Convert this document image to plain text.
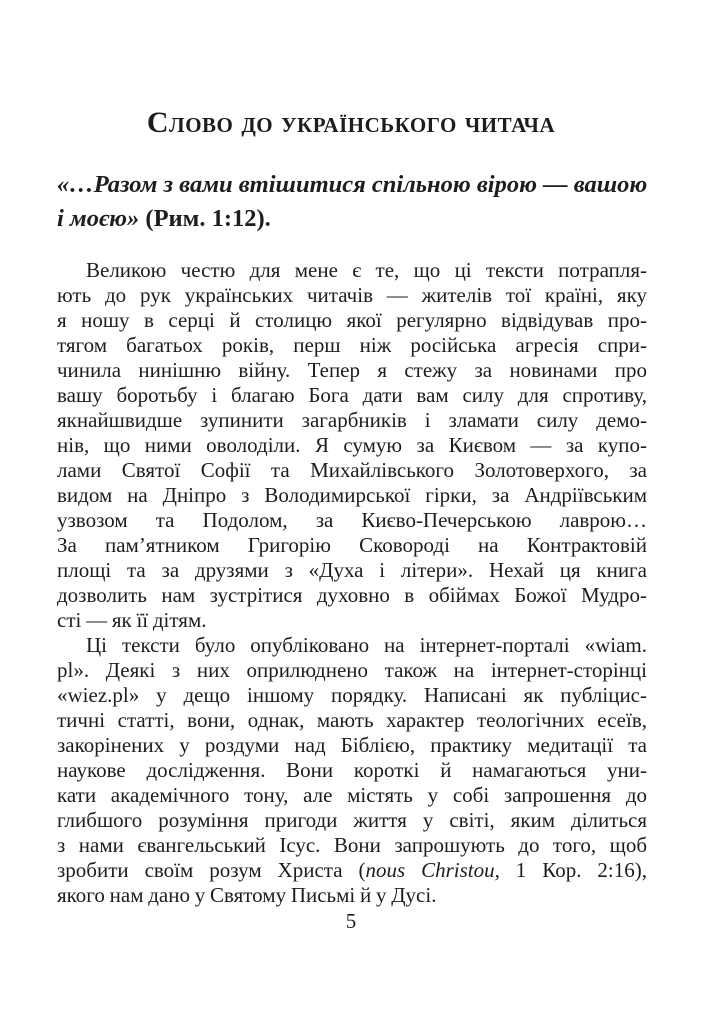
Слово до українського читача
«…Разом з вами втішитися спільною вірою — вашою
і моєю» (Рим. 1:12).
Великою честю для мене є те, що ці тексти потрапля-
ють до рук українських читачів — жителів тої країні, яку
я ношу в серці й столицю якої регулярно відвідував про-
тягом багатьох років, перш ніж російська агресія спри-
чинила нинішню війну. Тепер я стежу за новинами про
вашу боротьбу і благаю Бога дати вам силу для спротиву,
якнайшвидше зупинити загарбників і зламати силу демо-
нів, що ними оволоділи. Я сумую за Києвом — за купо-
лами Святої Софії та Михайлівського Золотоверхого, за
видом на Дніпро з Володимирської гірки, за Андріївським
узвозом та Подолом, за Києво-Печерською лаврою…
За пам’ятником Григорію Сковороді на Контрактовій
площі та за друзями з «Духа і літери». Нехай ця книга
дозволить нам зустрітися духовно в обіймах Божої Мудро-
сті — як її дітям.
Ці тексти було опубліковано на інтернет-порталі «wiam.
pl». Деякі з них оприлюднено також на інтернет-сторінці
«wiez.pl» у дещо іншому порядку. Написані як публіцис-
тичні статті, вони, однак, мають характер теологічних есеїв,
закорінених у роздуми над Біблією, практику медитації та
наукове дослідження. Вони короткі й намагаються уни-
кати академічного тону, але містять у собі запрошення до
глибшого розуміння пригоди життя у світі, яким ділиться
з нами євангельський Ісус. Вони запрошують до того, щоб
зробити своїм розум Христа (nous Christou, 1 Кор. 2:16),
якого нам дано у Святому Письмі й у Дусі.
5
